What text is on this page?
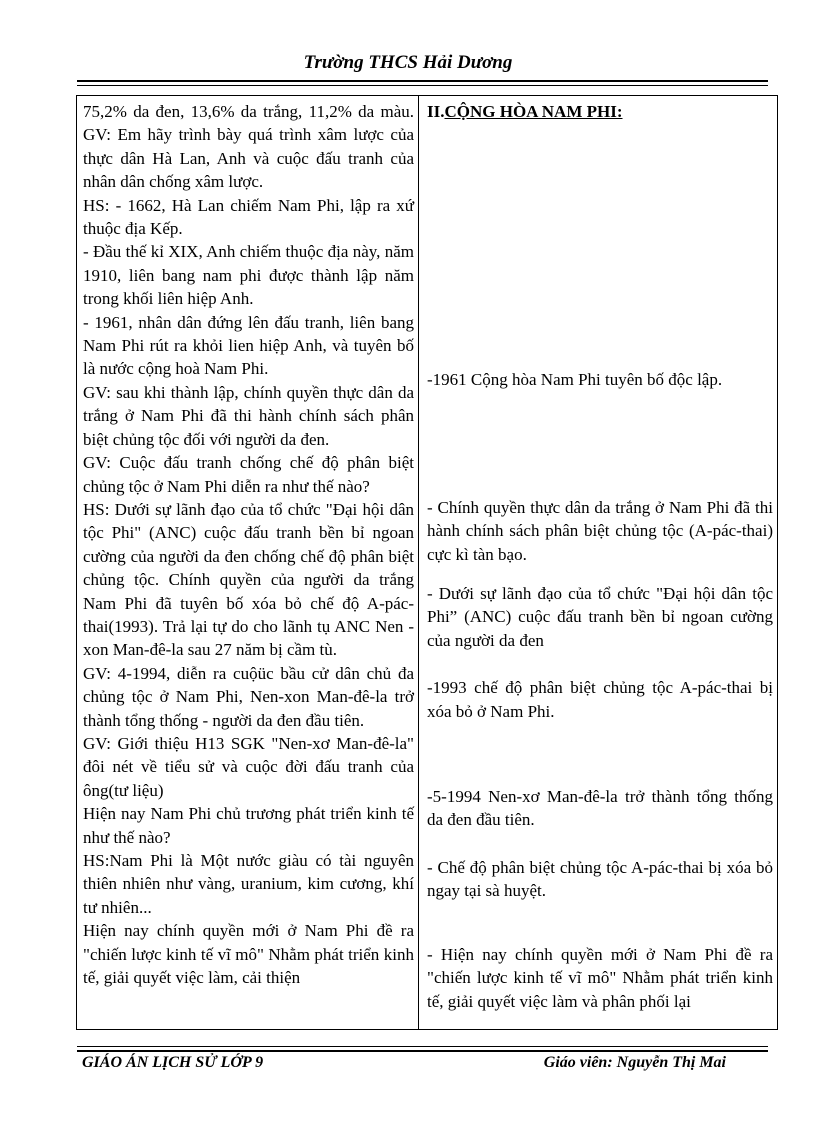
Trường THCS Hải Dương

75,2% da đen, 13,6% da trắng, 11,2% da màu. GV: Em hãy trình bày quá trình xâm lược của thực dân Hà Lan, Anh và cuộc đấu tranh của nhân dân chống xâm lược.

HS: - 1662, Hà Lan chiếm Nam Phi, lập ra xứ thuộc địa Kếp.

- Đầu thế kỉ XIX, Anh chiếm thuộc địa này, năm 1910, liên bang nam phi được thành lập năm trong khối liên hiệp Anh.

- 1961, nhân dân đứng lên đấu tranh, liên bang Nam Phi rút ra khỏi lien hiệp Anh, và tuyên bố là nước cộng hoà Nam Phi.

GV: sau khi thành lập, chính quyền thực dân da trắng ở Nam Phi đã thi hành chính sách phân biệt chủng tộc đối với người da đen.

GV: Cuộc đấu tranh chống chế độ phân biệt chủng tộc ở Nam Phi diễn ra như thế nào?

HS: Dưới sự lãnh đạo của tổ chức "Đại hội dân tộc Phi" (ANC) cuộc đấu tranh bền bỉ ngoan cường của người da đen chống chế độ phân biệt chủng tộc. Chính quyền của người da trắng Nam Phi đã tuyên bố xóa bỏ chế độ A-pác-thai(1993). Trả lại tự do cho lãnh tụ ANC Nen - xon Man-đê-la sau 27 năm bị cầm tù.

GV: 4-1994, diễn ra cuộüc bầu cử dân chủ đa chủng tộc ở Nam Phi, Nen-xon Man-đê-la trở thành tổng thống - người da đen đầu tiên.

GV: Giới thiệu H13 SGK "Nen-xơ Man-đê-la" đôi nét về tiểu sử và cuộc đời đấu tranh của ông(tư liệu)

Hiện nay Nam Phi chủ trương phát triển kinh tế như thế nào?

HS:Nam Phi là Một nước giàu có tài nguyên thiên nhiên như vàng, uranium, kim cương, khí tư nhiên...

Hiện nay chính quyền mới ở Nam Phi đề ra "chiến lược kinh tế vĩ mô" Nhằm phát triển kinh tế, giải quyết việc làm, cải thiện

II.CỘNG HÒA NAM PHI:

-1961 Cộng hòa Nam Phi tuyên bố độc lập.

- Chính quyền thực dân da trắng ở Nam Phi đã thi hành chính sách phân biệt chủng tộc (A-pác-thai) cực kì tàn bạo.

- Dưới sự lãnh đạo của tổ chức "Đại hội dân tộc Phi” (ANC) cuộc đấu tranh bền bỉ ngoan cường của người da đen

-1993 chế độ phân biệt chủng tộc A-pác-thai bị xóa bỏ ở Nam Phi.

-5-1994 Nen-xơ Man-đê-la trở thành tổng thống da đen đầu tiên.

- Chế độ phân biệt chủng tộc A-pác-thai bị xóa bỏ ngay tại sà huyệt.

- Hiện nay chính quyền mới ở Nam Phi đề ra "chiến lược kinh tế vĩ mô" Nhằm phát triển kinh tế, giải quyết việc làm và phân phối lại

GIÁO ÁN LỊCH SỬ LỚP 9	Giáo viên: Nguyễn Thị Mai
